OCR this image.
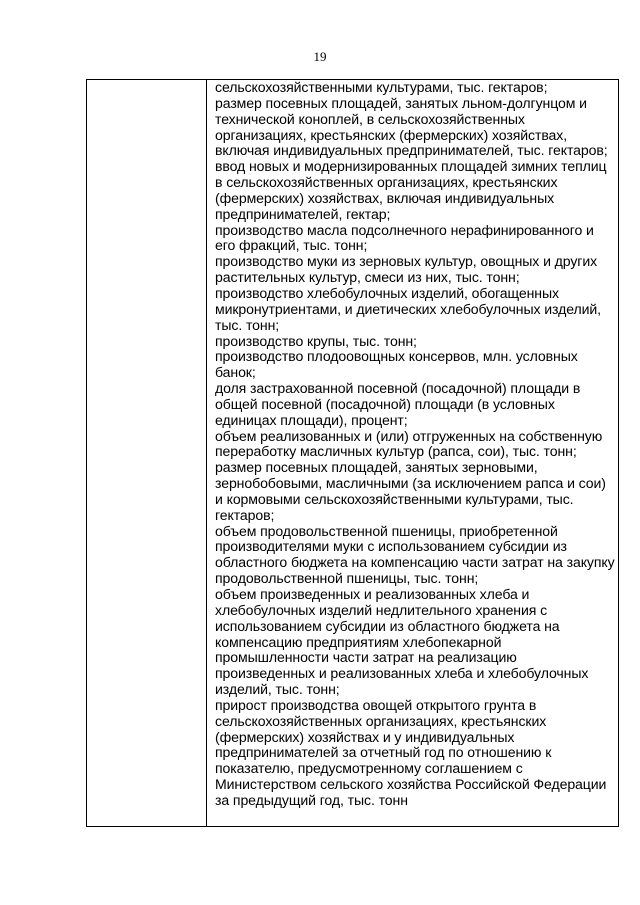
19
сельскохозяйственными культурами, тыс. гектаров;
размер посевных площадей, занятых льном-долгунцом и
технической коноплей, в сельскохозяйственных
организациях, крестьянских (фермерских) хозяйствах,
включая индивидуальных предпринимателей, тыс. гектаров;
ввод новых и модернизированных площадей зимних теплиц
в сельскохозяйственных организациях, крестьянских
(фермерских) хозяйствах, включая индивидуальных
предпринимателей, гектар;
производство масла подсолнечного нерафинированного и
его фракций, тыс. тонн;
производство муки из зерновых культур, овощных и других
растительных культур, смеси из них, тыс. тонн;
производство хлебобулочных изделий, обогащенных
микронутриентами, и диетических хлебобулочных изделий,
тыс. тонн;
производство крупы, тыс. тонн;
производство плодоовощных консервов, млн. условных
банок;
доля застрахованной посевной (посадочной) площади в
общей посевной (посадочной) площади (в условных
единицах площади), процент;
объем реализованных и (или) отгруженных на собственную
переработку масличных культур (рапса, сои), тыс. тонн;
размер посевных площадей, занятых зерновыми,
зернобобовыми, масличными (за исключением рапса и сои)
и кормовыми сельскохозяйственными культурами, тыс.
гектаров;
объем продовольственной пшеницы, приобретенной
производителями муки с использованием субсидии из
областного бюджета на компенсацию части затрат на закупку
продовольственной пшеницы, тыс. тонн;
объем произведенных и реализованных хлеба и
хлебобулочных изделий недлительного хранения с
использованием субсидии из областного бюджета на
компенсацию предприятиям хлебопекарной
промышленности части затрат на реализацию
произведенных и реализованных хлеба и хлебобулочных
изделий, тыс. тонн;
прирост производства овощей открытого грунта в
сельскохозяйственных организациях, крестьянских
(фермерских) хозяйствах и у индивидуальных
предпринимателей за отчетный год по отношению к
показателю, предусмотренному соглашением с
Министерством сельского хозяйства Российской Федерации
за предыдущий год, тыс. тонн
